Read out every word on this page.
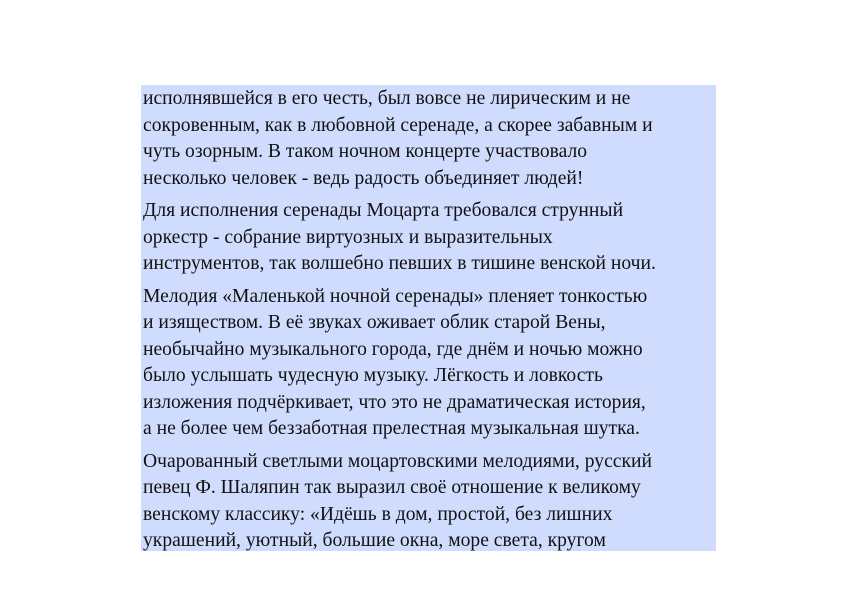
исполнявшейся в его честь, был вовсе не лирическим и не
сокровенным, как в любовной серенаде, а скорее забавным и
чуть озорным. В таком ночном концерте участвовало
несколько человек - ведь радость объединяет людей!
Для исполнения серенады Моцарта требовался струнный
оркестр - собрание виртуозных и выразительных
инструментов, так волшебно певших в тишине венской ночи.
Мелодия «Маленькой ночной серенады» пленяет тонкостью
и изяществом. В её звуках оживает облик старой Вены,
необычайно музыкального города, где днём и ночью можно
было услышать чудесную музыку. Лёгкость и ловкость
изложения подчёркивает, что это не драматическая история,
а не более чем беззаботная прелестная музыкальная шутка.
Очарованный светлыми моцартовскими мелодиями, русский
певец Ф. Шаляпин так выразил своё отношение к великому
венскому классику: «Идёшь в дом, простой, без лишних
украшений, уютный, большие окна, море света, кругом
